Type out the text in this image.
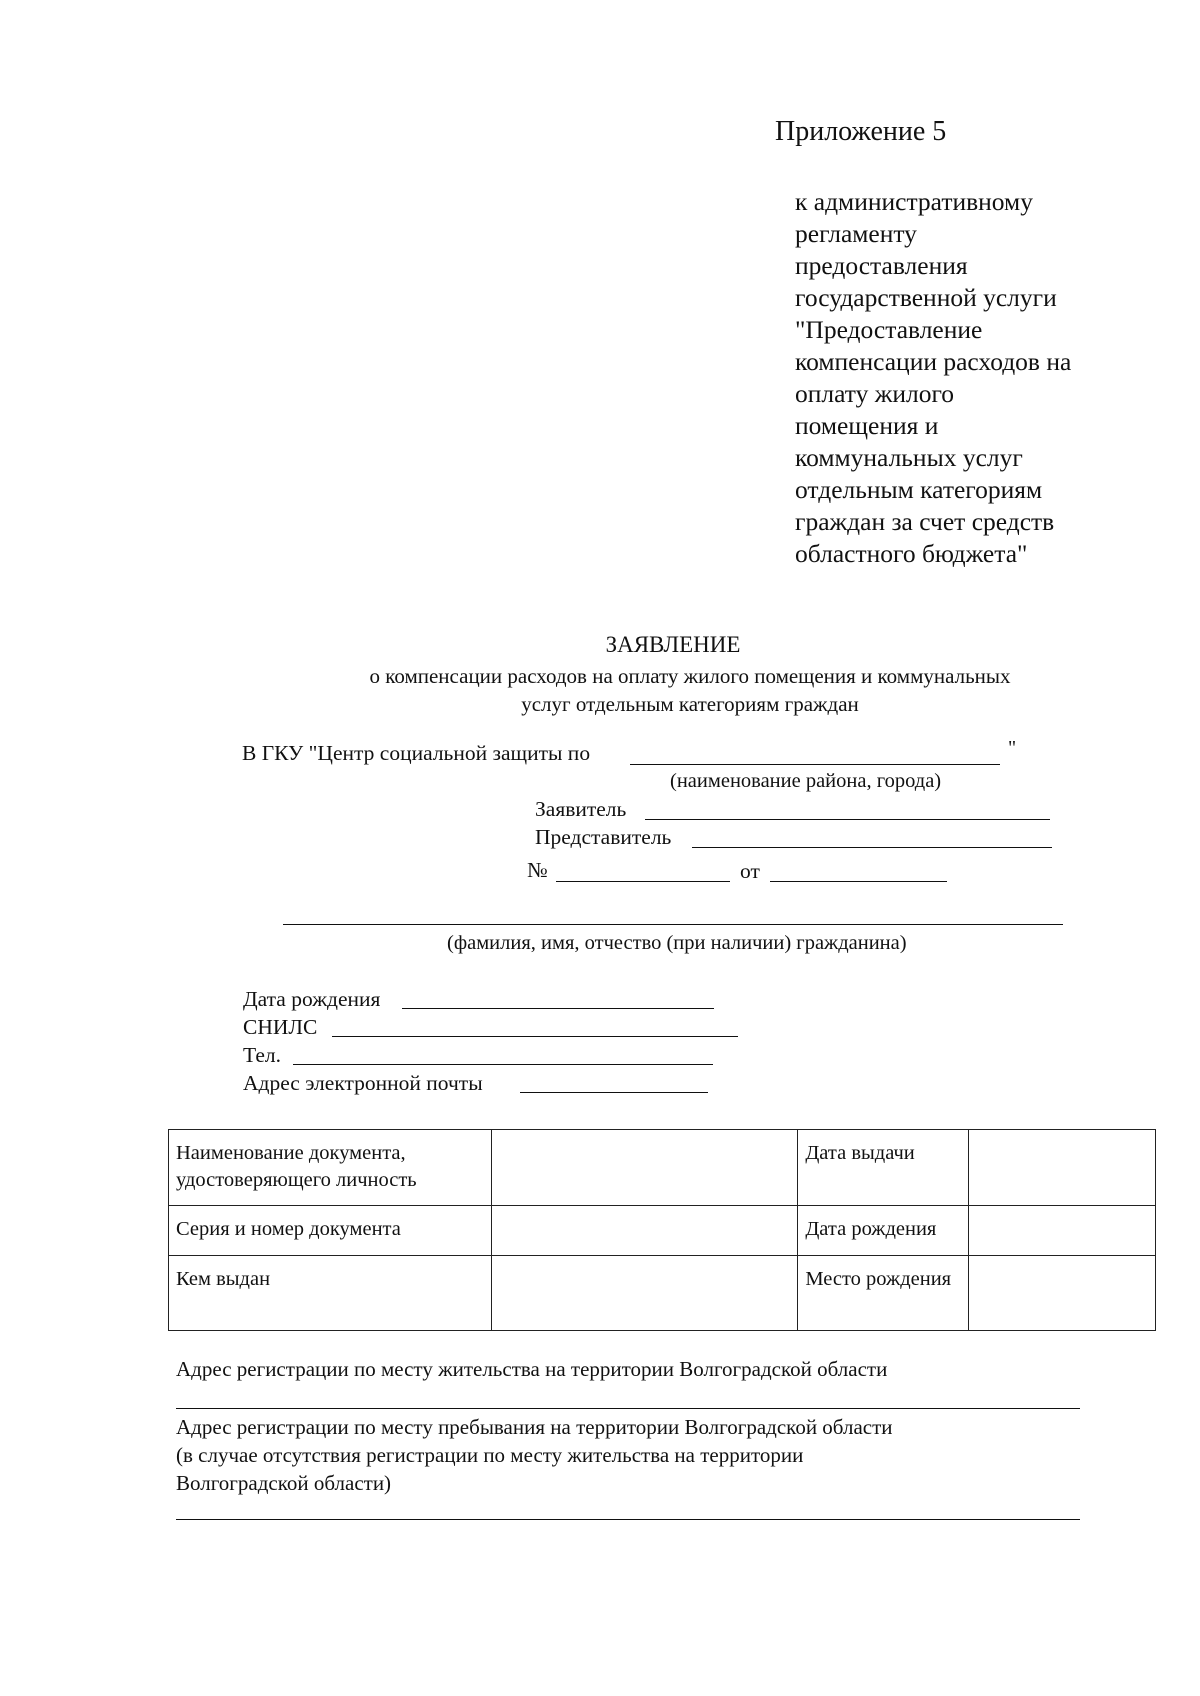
Приложение 5
к административному
регламенту
предоставления
государственной услуги
"Предоставление
компенсации расходов на
оплату жилого
помещения и
коммунальных услуг
отдельным категориям
граждан за счет средств
областного бюджета"
ЗАЯВЛЕНИЕ
о компенсации расходов на оплату жилого помещения и коммунальных
услуг отдельным категориям граждан
В ГКУ "Центр социальной защиты по	"
(наименование района, города)
Заявитель
Представитель
№	от
(фамилия, имя, отчество (при наличии) гражданина)
Дата рождения
СНИЛС
Тел.
Адрес электронной почты
Наименование документа, удостоверяющего личность		Дата выдачи	
Серия и номер документа		Дата рождения	
Кем выдан		Место рождения	
Адрес регистрации по месту жительства на территории Волгоградской области
Адрес регистрации по месту пребывания на территории Волгоградской области
(в случае отсутствия регистрации по месту жительства на территории
Волгоградской области)
